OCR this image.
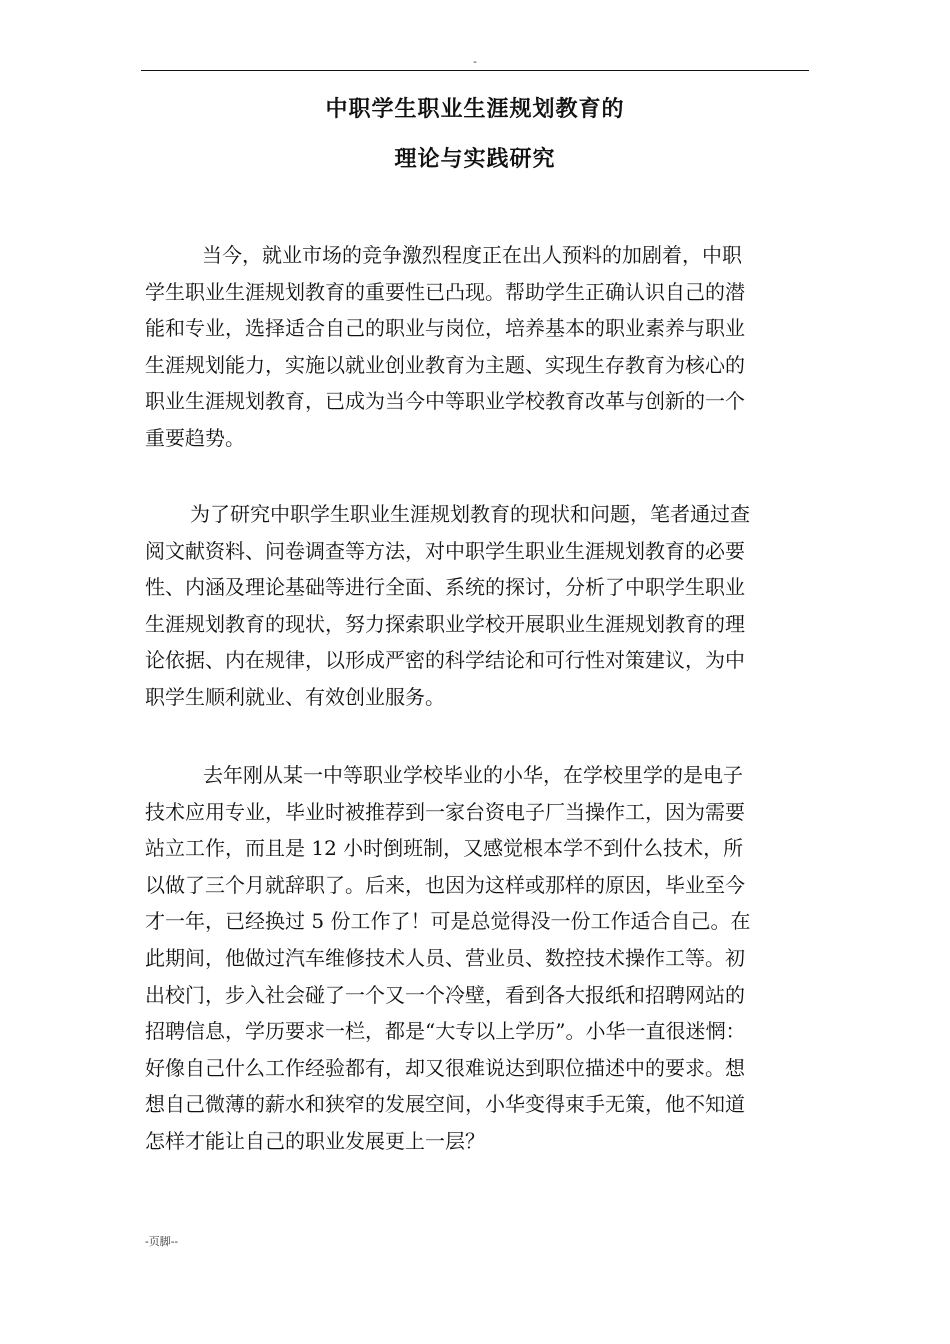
-
中职学生职业生涯规划教育的
理论与实践研究
当今，就业市场的竞争激烈程度正在出人预料的加剧着，中职
学生职业生涯规划教育的重要性已凸现。帮助学生正确认识自己的潜
能和专业，选择适合自己的职业与岗位，培养基本的职业素养与职业
生涯规划能力，实施以就业创业教育为主题、实现生存教育为核心的
职业生涯规划教育，已成为当今中等职业学校教育改革与创新的一个
重要趋势。
为了研究中职学生职业生涯规划教育的现状和问题，笔者通过查
阅文献资料、问卷调查等方法，对中职学生职业生涯规划教育的必要
性、内涵及理论基础等进行全面、系统的探讨，分析了中职学生职业
生涯规划教育的现状，努力探索职业学校开展职业生涯规划教育的理
论依据、内在规律，以形成严密的科学结论和可行性对策建议，为中
职学生顺利就业、有效创业服务。
去年刚从某一中等职业学校毕业的小华，在学校里学的是电子
技术应用专业，毕业时被推荐到一家台资电子厂当操作工，因为需要
站立工作，而且是 12 小时倒班制，又感觉根本学不到什么技术，所
以做了三个月就辞职了。后来，也因为这样或那样的原因，毕业至今
才一年，已经换过 5 份工作了！可是总觉得没一份工作适合自己。在
此期间，他做过汽车维修技术人员、营业员、数控技术操作工等。初
出校门，步入社会碰了一个又一个冷壁，看到各大报纸和招聘网站的
招聘信息，学历要求一栏，都是“大专以上学历”。小华一直很迷惘：
好像自己什么工作经验都有，却又很难说达到职位描述中的要求。想
想自己微薄的薪水和狭窄的发展空间，小华变得束手无策，他不知道
怎样才能让自己的职业发展更上一层？
-页脚--
